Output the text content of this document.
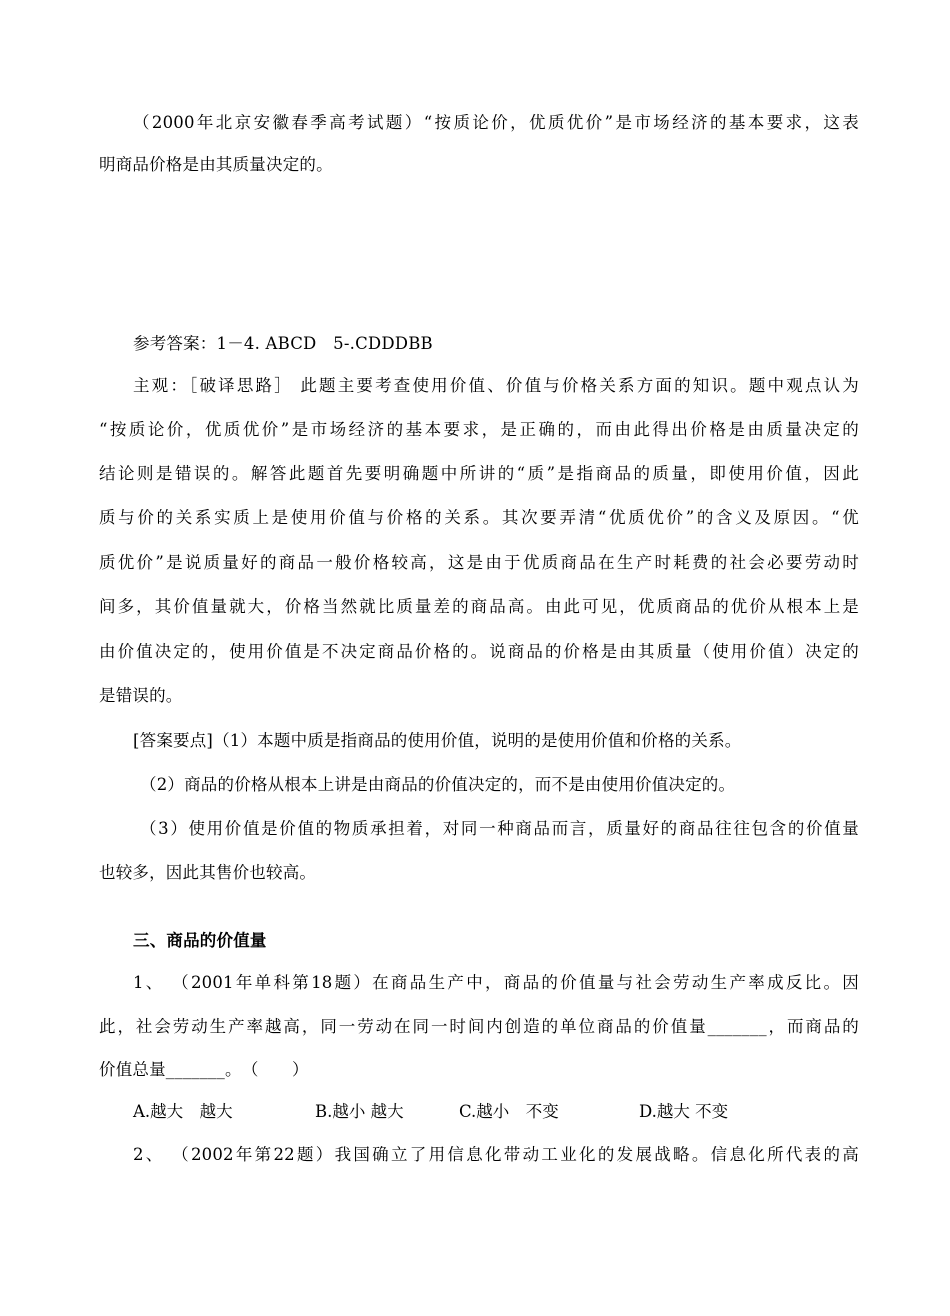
（2000年北京安徽春季高考试题）“按质论价，优质优价”是市场经济的基本要求，这表
明商品价格是由其质量决定的。
参考答案：1－4. ABCD　5-.CDDDBB
主观：［破译思路］ 此题主要考查使用价值、价值与价格关系方面的知识。题中观点认为
“按质论价，优质优价”是市场经济的基本要求，是正确的，而由此得出价格是由质量决定的
结论则是错误的。解答此题首先要明确题中所讲的“质”是指商品的质量，即使用价值，因此
质与价的关系实质上是使用价值与价格的关系。其次要弄清“优质优价”的含义及原因。“优
质优价”是说质量好的商品一般价格较高，这是由于优质商品在生产时耗费的社会必要劳动时
间多，其价值量就大，价格当然就比质量差的商品高。由此可见，优质商品的优价从根本上是
由价值决定的，使用价值是不决定商品价格的。说商品的价格是由其质量（使用价值）决定的
是错误的。
[答案要点]（1）本题中质是指商品的使用价值，说明的是使用价值和价格的关系。
（2）商品的价格从根本上讲是由商品的价值决定的，而不是由使用价值决定的。
（3）使用价值是价值的物质承担着，对同一种商品而言，质量好的商品往往包含的价值量
也较多，因此其售价也较高。
三、商品的价值量
1、 （2001年单科第18题）在商品生产中，商品的价值量与社会劳动生产率成反比。因
此，社会劳动生产率越高，同一劳动在同一时间内创造的单位商品的价值量_______，而商品的
价值总量_______。　（　　）
A.越大　越大	B.越小 越大	C.越小　不变	D.越大 不变
2、 （2002年第22题）我国确立了用信息化带动工业化的发展战略。信息化所代表的高
